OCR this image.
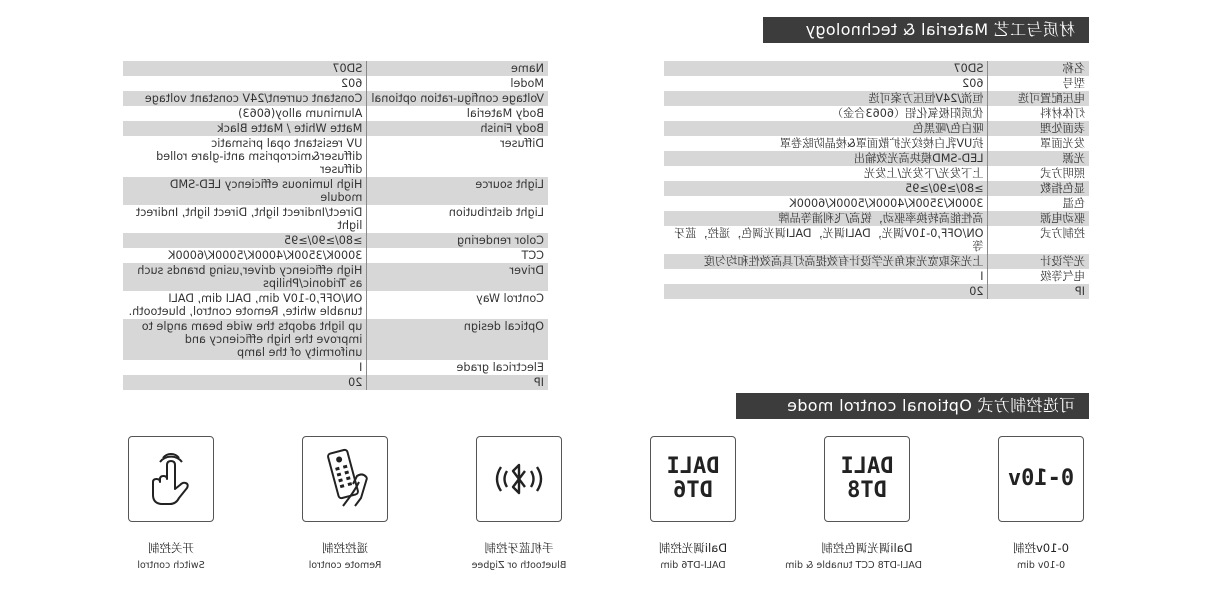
材质与工艺 Material & technology
名称	SD07
型号	602
电压配置可选	恒流/24V恒压方案可选
灯体材料	优质阳极氧化铝（6063合金）
表面处理	哑白色/哑黑色
发光面罩	抗UV乳白棱纹光扩散面罩&棱晶防眩卷罩
光源	LED-SMD模块高光效输出
照明方式	上下发光/下发光/上发光
显色指数	≥80/≥90/≥95
色温	3000K/3500K/4000K/5000K/6000K
驱动电源	高性能高转换率驱动，锐高/飞利浦等品牌
控制方式	ON/OFF,0-10V调光，DALI调光，DALI调光调色，遥控，蓝牙等
光学设计	上光采取宽光束角光学设计有效提高灯具高效性和均匀度
电气等级	I
IP	20
Name	SD07
Model	602
Voltage configu-ration optional	Constant current/24V constant voltage
Body Material	Aluminum alloy(6063)
Body Finish	Matte White / Matte Black
Diffuser	UV resistant opal prismatic diffuser&microprism anti-glare rolled diffuser
Light source	High luminous efficiency LED-SMD module
Light distribution	Direct/Indirect light, Direct light, Indirect light
Color rendering	≥80/≥90/≥95
CCT	3000K/3500K/4000K/5000K/6000K
Driver	High efficiency driver,using brands such as Tridonic/Philips
Control Way	ON/OFF,0-10V dim, DALI dim, DALI tunable white, Remote control, bluetooth.
Optical design	up light adopts the wide beam angle to improve the high efficiency and uniformity of the lamp
Electrical grade	I
IP	20
可选控制方式 Optional control mode
开关控制
Switch control
遥控控制
Remote control
手机蓝牙控制
Bluetooth or Zigbee
DALI
DT6
Dali调光控制
DALI-DT6 dim
DALI
DT8
Dali调光调色控制
DALI-DT8 CCT tunable & dim
0-10v
0-10v控制
0-10v dim
